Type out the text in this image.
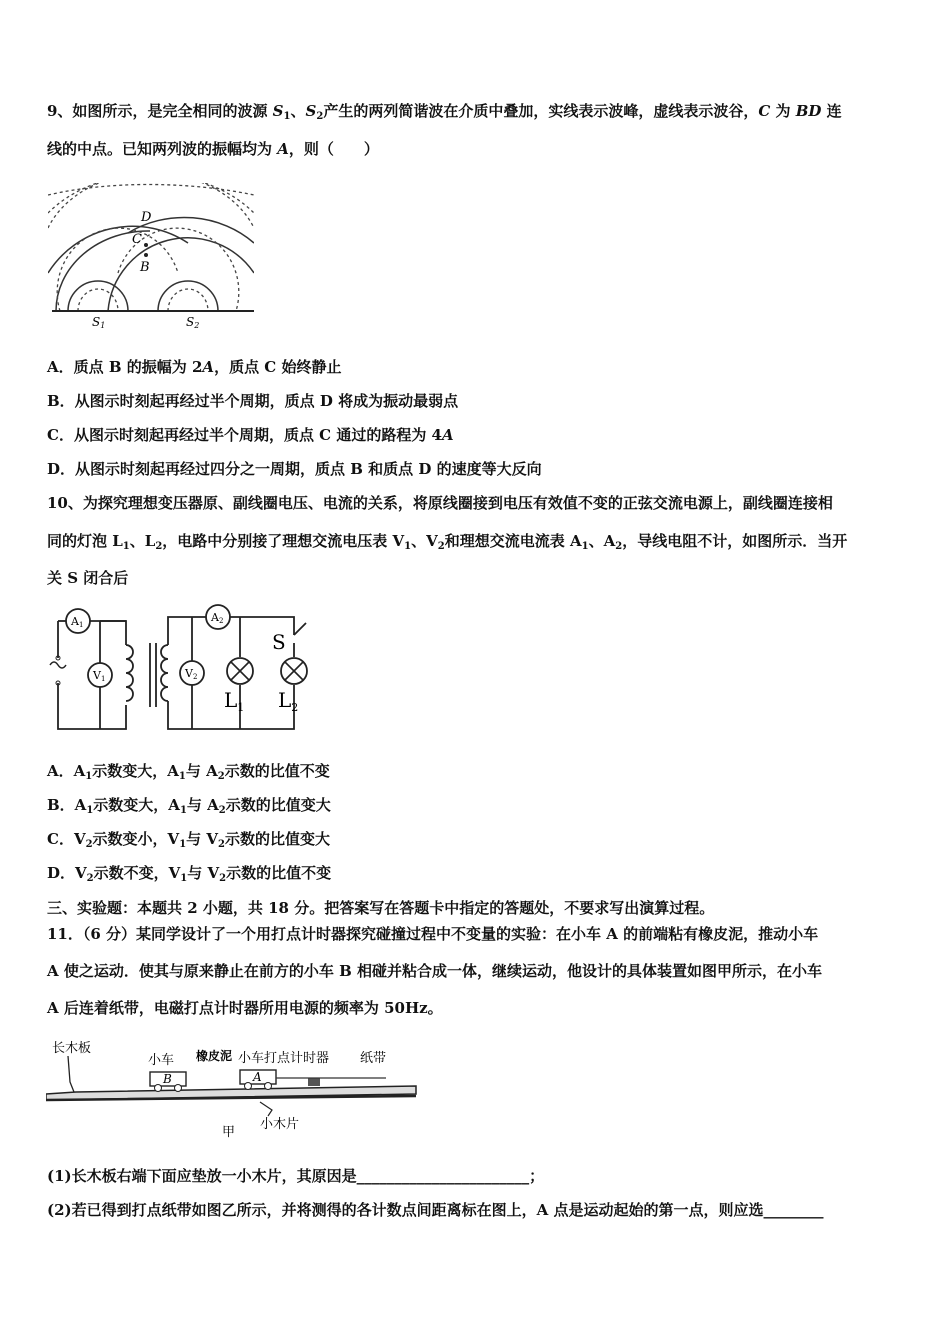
9、如图所示，是完全相同的波源 $S_1$、$S_2$产生的两列简谐波在介质中叠加，实线表示波峰，虚线表示波谷，C 为 BD 连
线的中点。已知两列波的振幅均为 A，则（　　）
D
C
B
S1	S2
A．质点 B 的振幅为 2A，质点 C 始终静止
B．从图示时刻起再经过半个周期，质点 D 将成为振动最弱点
C．从图示时刻起再经过半个周期，质点 C 通过的路程为 4A
D．从图示时刻起再经过四分之一周期，质点 B 和质点 D 的速度等大反向
10、为探究理想变压器原、副线圈电压、电流的关系，将原线圈接到电压有效值不变的正弦交流电源上，副线圈连接相
同的灯泡 $L_1$、$L_2$，电路中分别接了理想交流电压表 $V_1$、$V_2$和理想交流电流表 $A_1$、$A_2$，导线电阻不计，如图所示．当开
关 S 闭合后
A1
V1
A2
V2
S
$L_1$ $L_2$
A．$A_1$示数变大，$A_1$与 $A_2$示数的比值不变
B．$A_1$示数变大，$A_1$与 $A_2$示数的比值变大
C．$V_2$示数变小，$V_1$与 $V_2$示数的比值变大
D．$V_2$示数不变，$V_1$与 $V_2$示数的比值不变
三、实验题：本题共 2 小题，共 18 分。把答案写在答题卡中指定的答题处，不要求写出演算过程。
11．（6 分）某同学设计了一个用打点计时器探究碰撞过程中不变量的实验：在小车 A 的前端粘有橡皮泥，推动小车
A 使之运动．使其与原来静止在前方的小车 B 相碰并粘合成一体，继续运动，他设计的具体装置如图甲所示，在小车
A 后连着纸带，电磁打点计时器所用电源的频率为 50Hz。
长木板
B
小车
A
橡皮泥 小车打点计时器 纸带
小木片
甲
(1)长木板右端下面应垫放一小木片，其原因是_______________________；
(2)若已得到打点纸带如图乙所示，并将测得的各计数点间距离标在图上，A 点是运动起始的第一点，则应选________
